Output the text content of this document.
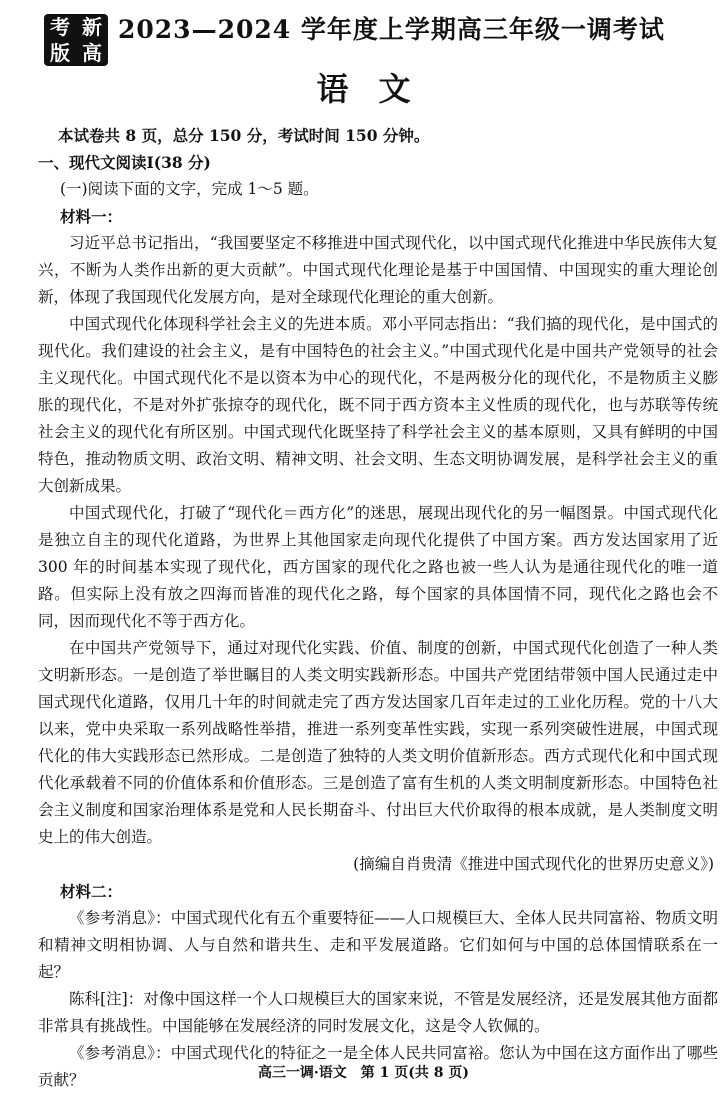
考 新
版 高
2023—2024 学年度上学期高三年级一调考试
语文

本试卷共 8 页，总分 150 分，考试时间 150 分钟。

一、现代文阅读Ⅰ(38 分)

(一)阅读下面的文字，完成 1～5 题。

材料一：

习近平总书记指出，“我国要坚定不移推进中国式现代化，以中国式现代化推进中华民族伟大复兴，不断为人类作出新的更大贡献”。中国式现代化理论是基于中国国情、中国现实的重大理论创新，体现了我国现代化发展方向，是对全球现代化理论的重大创新。

中国式现代化体现科学社会主义的先进本质。邓小平同志指出：“我们搞的现代化，是中国式的现代化。我们建设的社会主义，是有中国特色的社会主义。”中国式现代化是中国共产党领导的社会主义现代化。中国式现代化不是以资本为中心的现代化，不是两极分化的现代化，不是物质主义膨胀的现代化，不是对外扩张掠夺的现代化，既不同于西方资本主义性质的现代化，也与苏联等传统社会主义的现代化有所区别。中国式现代化既坚持了科学社会主义的基本原则，又具有鲜明的中国特色，推动物质文明、政治文明、精神文明、社会文明、生态文明协调发展，是科学社会主义的重大创新成果。

中国式现代化，打破了“现代化＝西方化”的迷思，展现出现代化的另一幅图景。中国式现代化是独立自主的现代化道路，为世界上其他国家走向现代化提供了中国方案。西方发达国家用了近 300 年的时间基本实现了现代化，西方国家的现代化之路也被一些人认为是通往现代化的唯一道路。但实际上没有放之四海而皆准的现代化之路，每个国家的具体国情不同，现代化之路也会不同，因而现代化不等于西方化。

在中国共产党领导下，通过对现代化实践、价值、制度的创新，中国式现代化创造了一种人类文明新形态。一是创造了举世瞩目的人类文明实践新形态。中国共产党团结带领中国人民通过走中国式现代化道路，仅用几十年的时间就走完了西方发达国家几百年走过的工业化历程。党的十八大以来，党中央采取一系列战略性举措，推进一系列变革性实践，实现一系列突破性进展，中国式现代化的伟大实践形态已然形成。二是创造了独特的人类文明价值新形态。西方式现代化和中国式现代化承载着不同的价值体系和价值形态。三是创造了富有生机的人类文明制度新形态。中国特色社会主义制度和国家治理体系是党和人民长期奋斗、付出巨大代价取得的根本成就，是人类制度文明史上的伟大创造。

(摘编自肖贵清《推进中国式现代化的世界历史意义》)

材料二：

《参考消息》：中国式现代化有五个重要特征——人口规模巨大、全体人民共同富裕、物质文明和精神文明相协调、人与自然和谐共生、走和平发展道路。它们如何与中国的总体国情联系在一起？

陈科[注]：对像中国这样一个人口规模巨大的国家来说，不管是发展经济，还是发展其他方面都非常具有挑战性。中国能够在发展经济的同时发展文化，这是令人钦佩的。

《参考消息》：中国式现代化的特征之一是全体人民共同富裕。您认为中国在这方面作出了哪些贡献？	高三一调·语文　第 1 页(共 8 页)
